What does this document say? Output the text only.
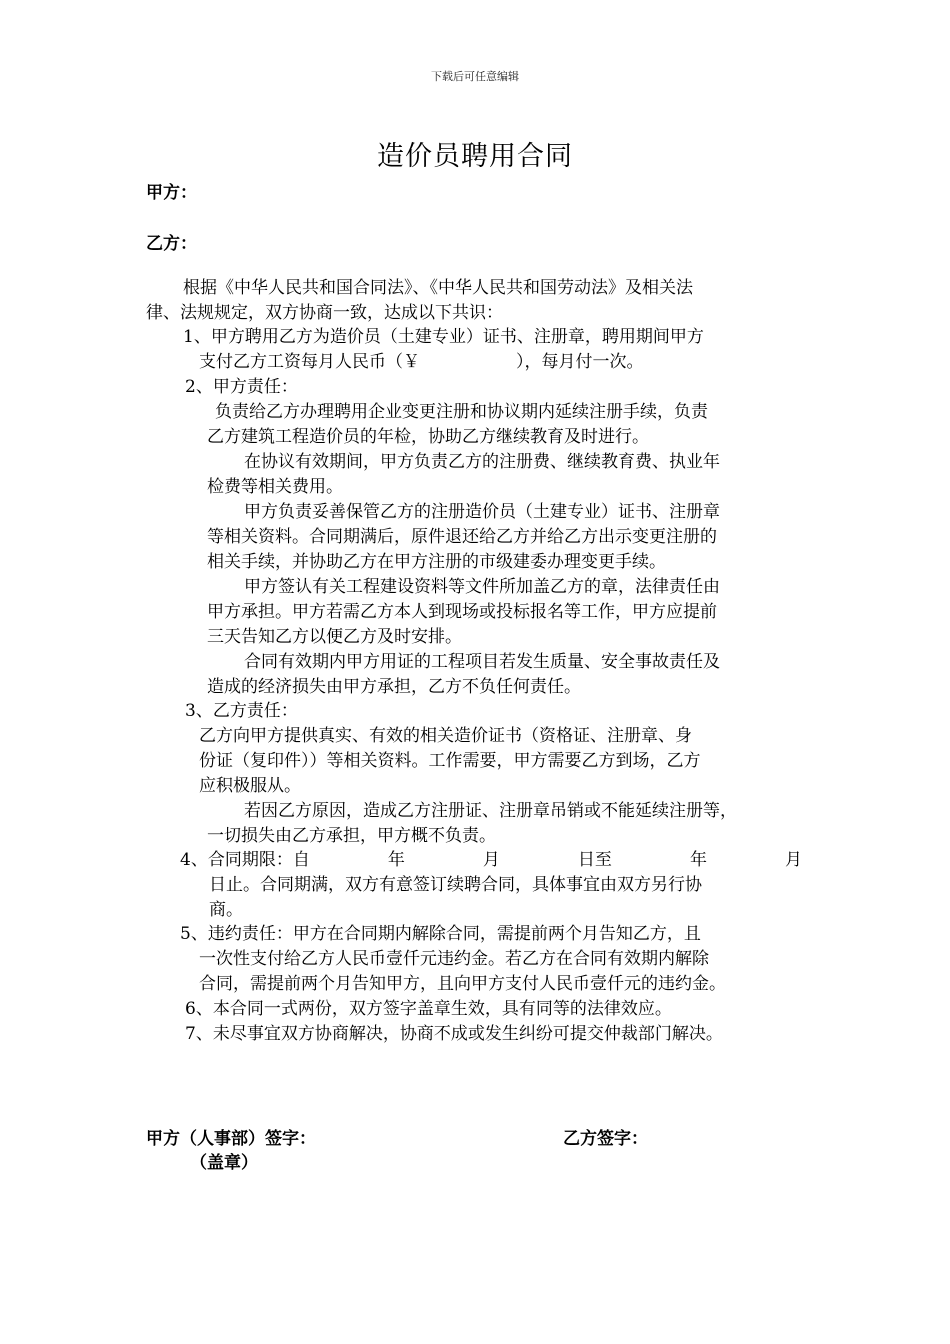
下载后可任意编辑
造价员聘用合同
甲方：
乙方：
根据《中华人民共和国合同法》、《中华人民共和国劳动法》及相关法
律、法规规定，双方协商一致，达成以下共识：
1、甲方聘用乙方为造价员（土建专业）证书、注册章，聘用期间甲方
支付乙方工资每月人民币（￥	），每月付一次。
2、甲方责任：
负责给乙方办理聘用企业变更注册和协议期内延续注册手续，负责
乙方建筑工程造价员的年检，协助乙方继续教育及时进行。
在协议有效期间，甲方负责乙方的注册费、继续教育费、执业年
检费等相关费用。
甲方负责妥善保管乙方的注册造价员（土建专业）证书、注册章
等相关资料。合同期满后，原件退还给乙方并给乙方出示变更注册的
相关手续，并协助乙方在甲方注册的市级建委办理变更手续。
甲方签认有关工程建设资料等文件所加盖乙方的章，法律责任由
甲方承担。甲方若需乙方本人到现场或投标报名等工作，甲方应提前
三天告知乙方以便乙方及时安排。
合同有效期内甲方用证的工程项目若发生质量、安全事故责任及
造成的经济损失由甲方承担，乙方不负任何责任。
3、乙方责任：
乙方向甲方提供真实、有效的相关造价证书（资格证、注册章、身
份证（复印件））等相关资料。工作需要，甲方需要乙方到场，乙方
应积极服从。
若因乙方原因，造成乙方注册证、注册章吊销或不能延续注册等，
一切损失由乙方承担，甲方概不负责。
4、合同期限：自	年	月	日至	年	月
日止。合同期满，双方有意签订续聘合同，具体事宜由双方另行协
商。
5、违约责任：甲方在合同期内解除合同，需提前两个月告知乙方，且
一次性支付给乙方人民币壹仟元违约金。若乙方在合同有效期内解除
合同，需提前两个月告知甲方，且向甲方支付人民币壹仟元的违约金。
6、本合同一式两份，双方签字盖章生效，具有同等的法律效应。
7、未尽事宜双方协商解决，协商不成或发生纠纷可提交仲裁部门解决。
甲方（人事部）签字：
（盖章）
乙方签字：
